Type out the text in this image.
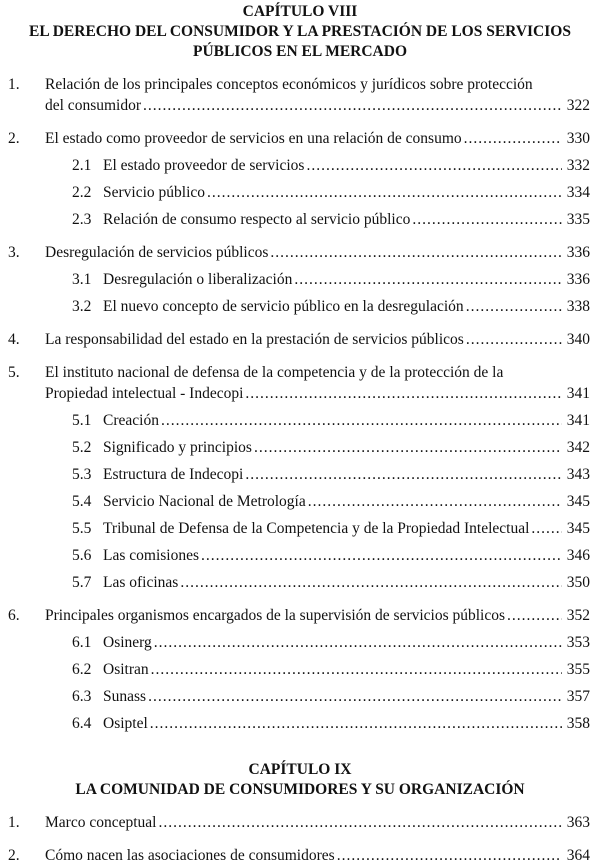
CAPÍTULO VIII
EL DERECHO DEL CONSUMIDOR Y LA PRESTACIÓN DE LOS SERVICIOS
PÚBLICOS EN EL MERCADO
1. Relación de los principales conceptos económicos y jurídicos sobre protección
del consumidor .....	322
2. El estado como proveedor de servicios en una relación de consumo .....	330
2.1 El estado proveedor de servicios .....	332
2.2 Servicio público .....	334
2.3 Relación de consumo respecto al servicio público .....	335
3. Desregulación de servicios públicos .....	336
3.1 Desregulación o liberalización .....	336
3.2 El nuevo concepto de servicio público en la desregulación .....	338
4. La responsabilidad del estado en la prestación de servicios públicos .....	340
5. El instituto nacional de defensa de la competencia y de la protección de la
Propiedad intelectual - Indecopi .....	341
5.1 Creación .....	341
5.2 Significado y principios .....	342
5.3 Estructura de Indecopi .....	343
5.4 Servicio Nacional de Metrología .....	345
5.5 Tribunal de Defensa de la Competencia y de la Propiedad Intelectual ..... 345
5.6 Las comisiones .....	346
5.7 Las oficinas .....	350
6. Principales organismos encargados de la supervisión de servicios públicos .....	352
6.1 Osinerg .....	353
6.2 Ositran .....	355
6.3 Sunass .....	357
6.4 Osiptel .....	358
CAPÍTULO IX
LA COMUNIDAD DE CONSUMIDORES Y SU ORGANIZACIÓN
1. Marco conceptual .....	363
2. Cómo nacen las asociaciones de consumidores .....	364
